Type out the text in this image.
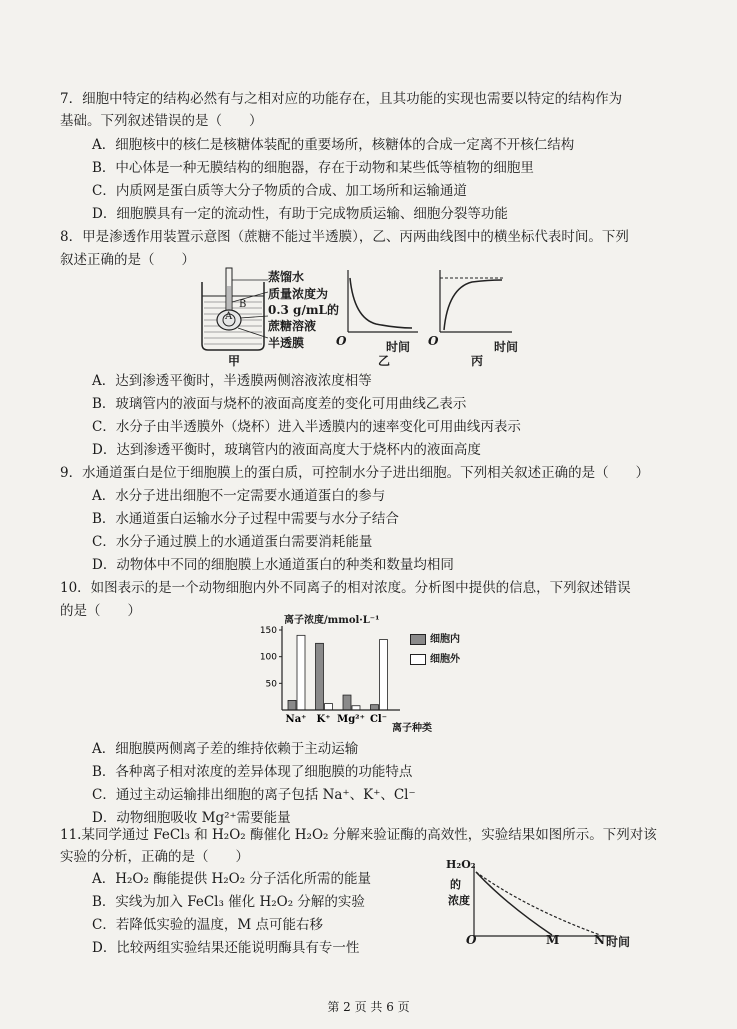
7．细胞中特定的结构必然有与之相对应的功能存在，且其功能的实现也需要以特定的结构作为
基础。下列叙述错误的是（　　）
A．细胞核中的核仁是核糖体装配的重要场所，核糖体的合成一定离不开核仁结构
B．中心体是一种无膜结构的细胞器，存在于动物和某些低等植物的细胞里
C．内质网是蛋白质等大分子物质的合成、加工场所和运输通道
D．细胞膜具有一定的流动性，有助于完成物质运输、细胞分裂等功能
8．甲是渗透作用装置示意图（蔗糖不能过半透膜），乙、丙两曲线图中的横坐标代表时间。下列
叙述正确的是（　　）
A
B
蒸馏水
质量浓度为
0.3 g/mL的
蔗糖溶液
半透膜
甲
O	时间
乙
O	时间
丙
A．达到渗透平衡时，半透膜两侧溶液浓度相等
B．玻璃管内的液面与烧杯的液面高度差的变化可用曲线乙表示
C．水分子由半透膜外（烧杯）进入半透膜内的速率变化可用曲线丙表示
D．达到渗透平衡时，玻璃管内的液面高度大于烧杯内的液面高度
9．水通道蛋白是位于细胞膜上的蛋白质，可控制水分子进出细胞。下列相关叙述正确的是（　　）
A．水分子进出细胞不一定需要水通道蛋白的参与
B．水通道蛋白运输水分子过程中需要与水分子结合
C．水分子通过膜上的水通道蛋白需要消耗能量
D．动物体中不同的细胞膜上水通道蛋白的种类和数量均相同
10．如图表示的是一个动物细胞内外不同离子的相对浓度。分析图中提供的信息，下列叙述错误
的是（　　）
离子浓度/mmol·L⁻¹
50
100
150
Na⁺ K⁺ Mg²⁺ Cl⁻
离子种类
细胞内
细胞外
A．细胞膜两侧离子差的维持依赖于主动运输
B．各种离子相对浓度的差异体现了细胞膜的功能特点
C．通过主动运输排出细胞的离子包括 Na⁺、K⁺、Cl⁻
D．动物细胞吸收 Mg²⁺需要能量
11.某同学通过 FeCl₃ 和 H₂O₂ 酶催化 H₂O₂ 分解来验证酶的高效性，实验结果如图所示。下列对该
实验的分析，正确的是（　　）
A．H₂O₂ 酶能提供 H₂O₂ 分子活化所需的能量
B．实线为加入 FeCl₃ 催化 H₂O₂ 分解的实验
C．若降低实验的温度，M 点可能右移
D．比较两组实验结果还能说明酶具有专一性
H₂O₂
的
浓度
O	M	N 时间
第 2 页 共 6 页
